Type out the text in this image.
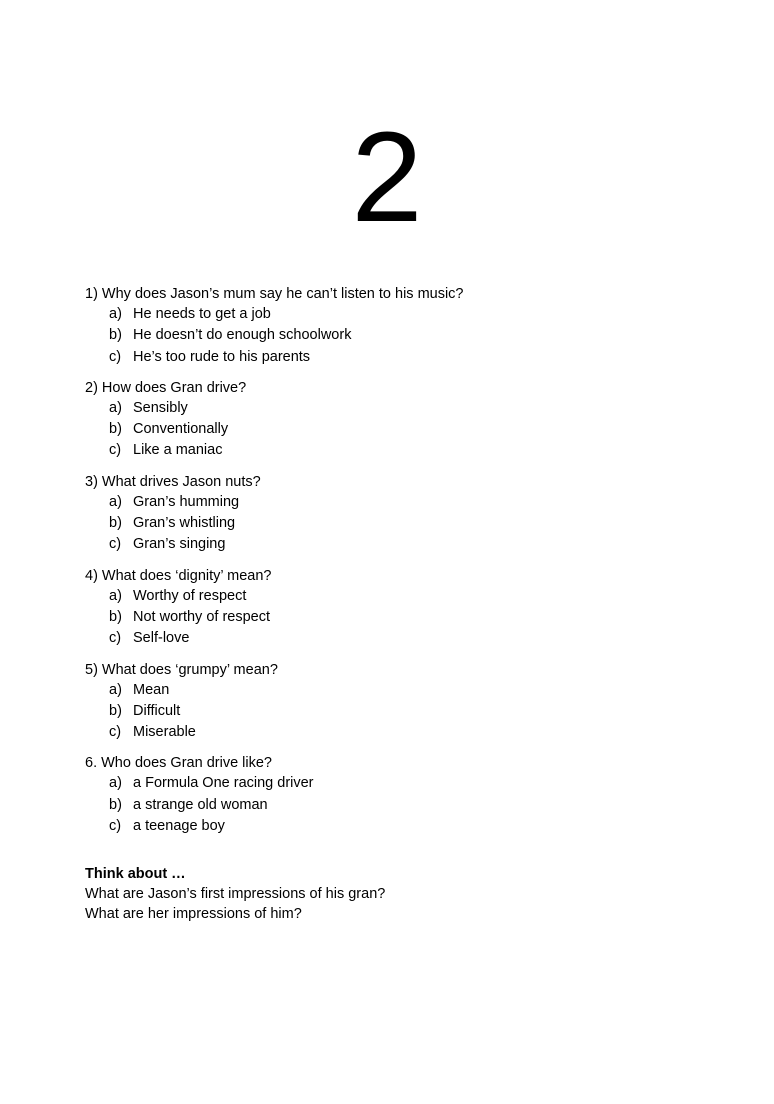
2

1) Why does Jason’s mum say he can’t listen to his music?

a) He needs to get a job
b) He doesn’t do enough schoolwork
c) He’s too rude to his parents

2) How does Gran drive?

a) Sensibly
b) Conventionally
c) Like a maniac

3) What drives Jason nuts?

a) Gran’s humming
b) Gran’s whistling
c) Gran’s singing

4) What does ‘dignity’ mean?

a) Worthy of respect
b) Not worthy of respect
c) Self-love

5) What does ‘grumpy’ mean?

a) Mean
b) Difficult
c) Miserable

6. Who does Gran drive like?

a) a Formula One racing driver
b) a strange old woman
c) a teenage boy

Think about …

What are Jason’s first impressions of his gran?

What are her impressions of him?
